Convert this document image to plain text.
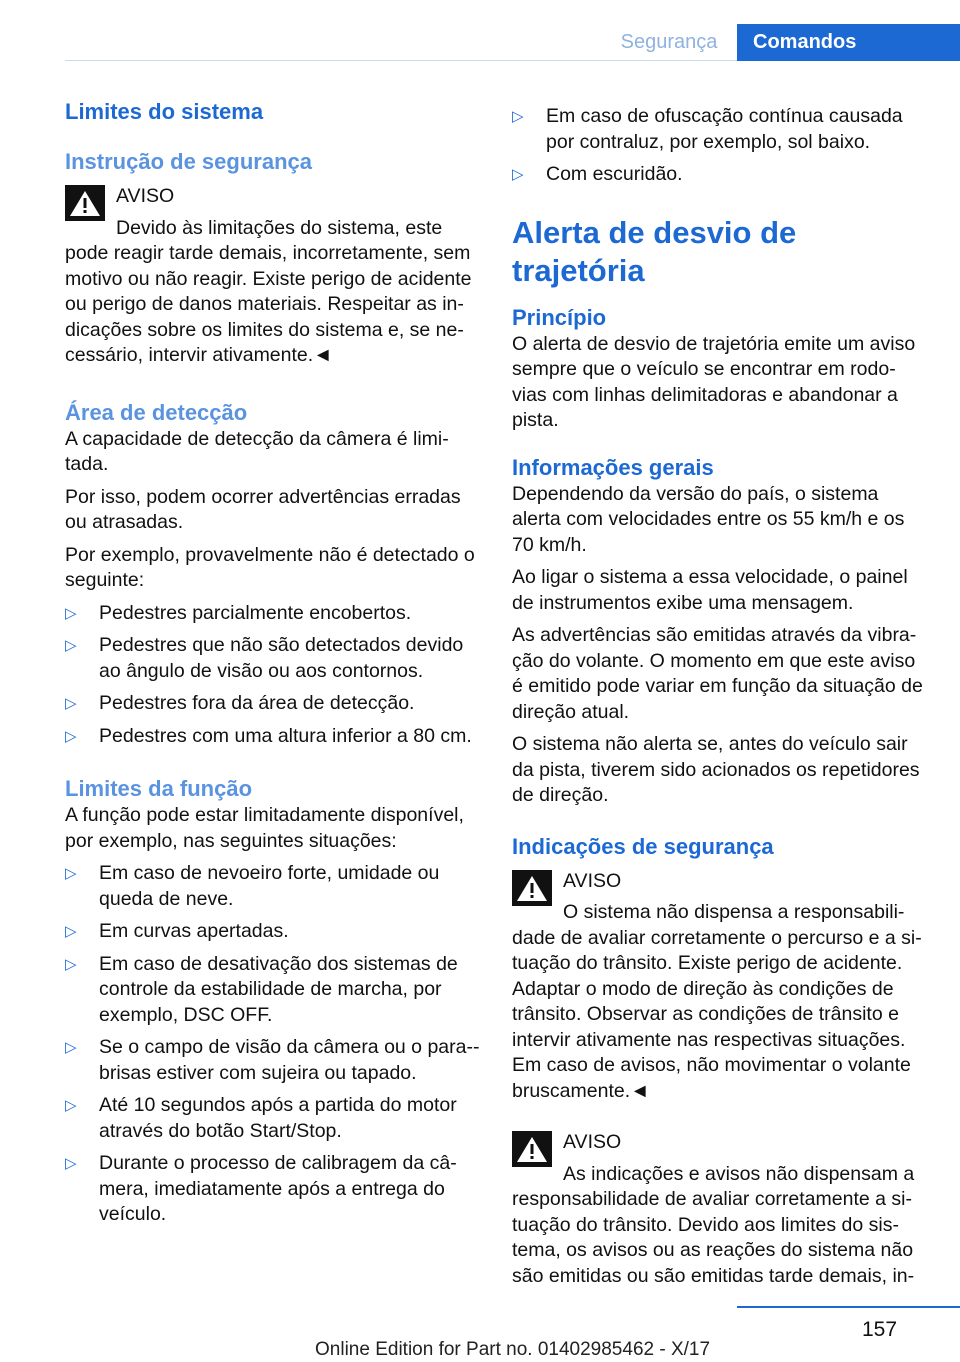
Segurança	Comandos
Limites do sistema
Instrução de segurança

AVISO

Devido às limitações do sistema, este

pode reagir tarde demais, incorretamente, sem motivo ou não reagir. Existe perigo de acidente ou perigo de danos materiais. Respeitar as in-dicações sobre os limites do sistema e, se ne-cessário, intervir ativamente.◄

Área de detecção

A capacidade de detecção da câmera é limi-tada.

Por isso, podem ocorrer advertências erradas ou atrasadas.

Por exemplo, provavelmente não é detectado o seguinte:

▷ Pedestres parcialmente encobertos.
▷ Pedestres que não são detectados devido ao ângulo de visão ou aos contornos.
▷ Pedestres fora da área de detecção.
▷ Pedestres com uma altura inferior a 80 cm.
Limites da função

A função pode estar limitadamente disponível, por exemplo, nas seguintes situações:

▷ Em caso de nevoeiro forte, umidade ou queda de neve.
▷ Em curvas apertadas.
▷ Em caso de desativação dos sistemas de controle da estabilidade de marcha, por exemplo, DSC OFF.
▷ Se o campo de visão da câmera ou o para--brisas estiver com sujeira ou tapado.
▷ Até 10 segundos após a partida do motor através do botão Start/Stop.
▷ Durante o processo de calibragem da câ-mera, imediatamente após a entrega do veículo.
▷ Em caso de ofuscação contínua causada por contraluz, por exemplo, sol baixo.
▷ Com escuridão.
Alerta de desvio de trajetória
Princípio

O alerta de desvio de trajetória emite um aviso sempre que o veículo se encontrar em rodo-vias com linhas delimitadoras e abandonar a pista.

Informações gerais

Dependendo da versão do país, o sistema alerta com velocidades entre os 55 km/h e os 70 km/h.

Ao ligar o sistema a essa velocidade, o painel de instrumentos exibe uma mensagem.

As advertências são emitidas através da vibra-ção do volante. O momento em que este aviso é emitido pode variar em função da situação de direção atual.

O sistema não alerta se, antes do veículo sair da pista, tiverem sido acionados os repetidores de direção.

Indicações de segurança

AVISO

O sistema não dispensa a responsabili-

dade de avaliar corretamente o percurso e a si-tuação do trânsito. Existe perigo de acidente. Adaptar o modo de direção às condições de trânsito. Observar as condições de trânsito e intervir ativamente nas respectivas situações. Em caso de avisos, não movimentar o volante bruscamente.◄

AVISO

As indicações e avisos não dispensam a

responsabilidade de avaliar corretamente a si-tuação do trânsito. Devido aos limites do sis-tema, os avisos ou as reações do sistema não são emitidas ou são emitidas tarde demais, in-

157
Online Edition for Part no. 01402985462 - X/17
